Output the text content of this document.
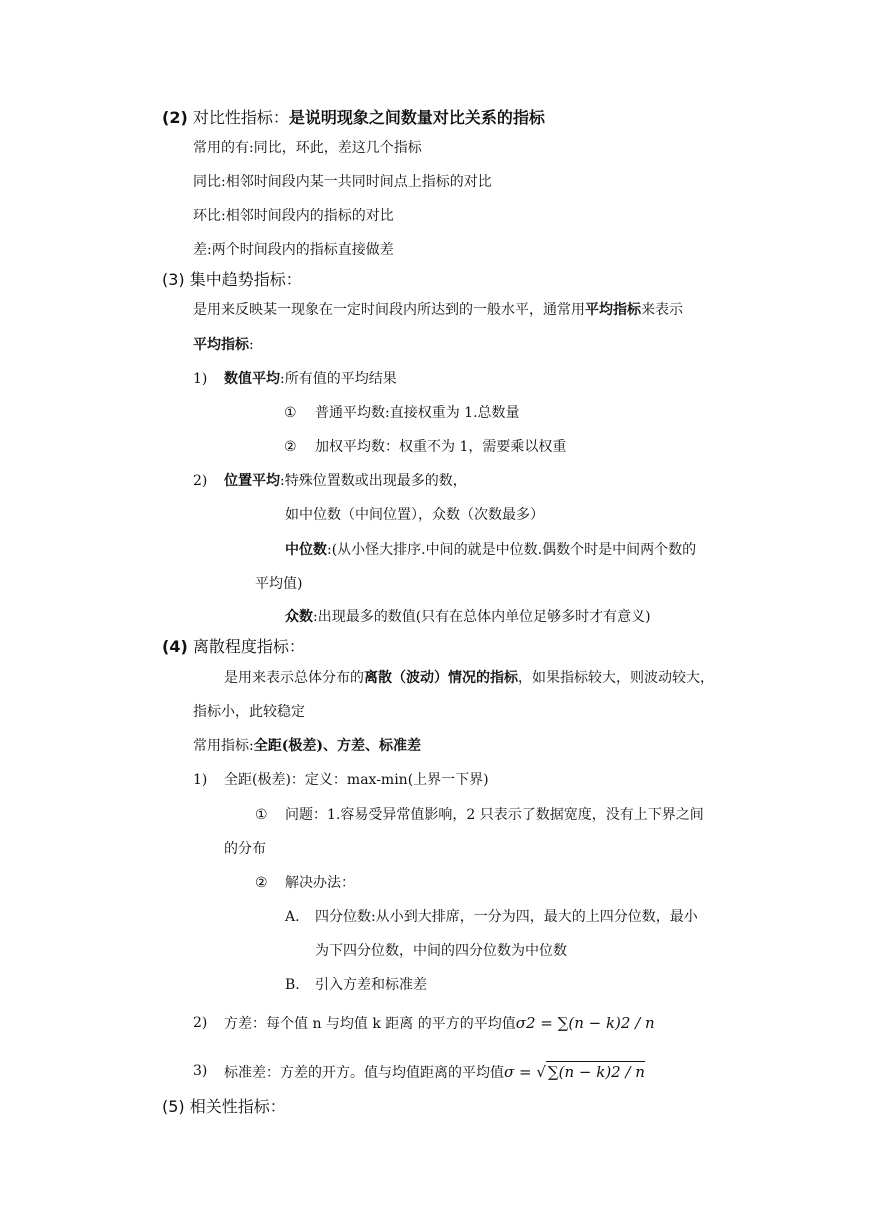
(2) 对比性指标：是说明现象之间数量对比关系的指标
常用的有:同比，环此，差这几个指标
同比:相邻时间段内某一共同时间点上指标的对比
环比:相邻时间段内的指标的对比
差:两个时间段内的指标直接做差
(3) 集中趋势指标：
是用来反映某一现象在一定时间段内所达到的一般水平，通常用平均指标来表示
平均指标:
1) 数值平均:所有值的平均结果
① 普通平均数:直接权重为 1.总数量
② 加权平均数：权重不为 1，需要乘以权重
2) 位置平均:特殊位置数或出现最多的数，
如中位数（中间位置），众数（次数最多）
中位数:(从小怪大排序.中间的就是中位数.偶数个时是中间两个数的
平均值)
众数:出现最多的数值(只有在总体内单位足够多时才有意义)
(4) 离散程度指标：
是用来表示总体分布的离散（波动）情况的指标，如果指标较大，则波动较大，
指标小，此较稳定
常用指标:全距(极差)、方差、标准差
1) 全距(极差)：定义：max-min(上界一下界)
① 问题：1.容易受异常值影响，2 只表示了数据宽度，没有上下界之间
的分布
② 解决办法：
A. 四分位数:从小到大排席，一分为四，最大的上四分位数，最小
为下四分位数，中间的四分位数为中位数
B. 引入方差和标准差
2) 方差：每个值 n 与均值 k 距离 的平方的平均值σ2 = ∑(n − k)2 / n
3) 标准差：方差的开方。值与均值距离的平均值σ = √ ∑(n − k)2 / n
(5) 相关性指标：
